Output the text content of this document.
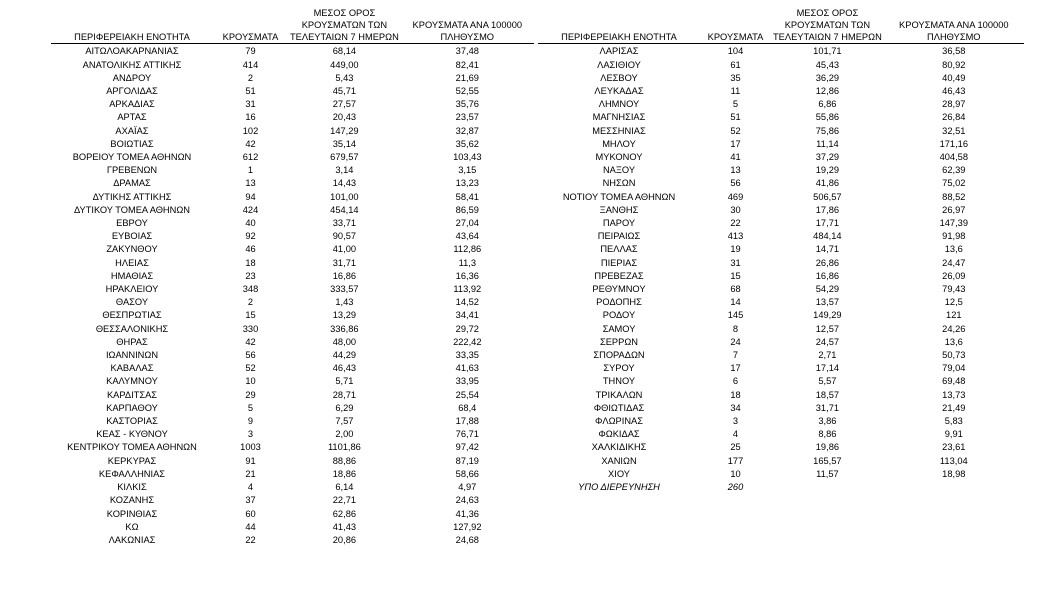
ΠΕΡΙΦΕΡΕΙΑΚΗ ΕΝΟΤΗΤΑ	ΚΡΟΥΣΜΑΤΑ	ΜΕΣΟΣ ΟΡΟΣ
ΚΡΟΥΣΜΑΤΩΝ ΤΩΝ
ΤΕΛΕΥΤΑΙΩΝ 7 ΗΜΕΡΩΝ	ΚΡΟΥΣΜΑΤΑ ΑΝΑ 100000
ΠΛΗΘΥΣΜΟ

ΑΙΤΩΛΟΑΚΑΡΝΑΝΙΑΣ	79	68,14	37,48
ΑΝΑΤΟΛΙΚΗΣ ΑΤΤΙΚΗΣ	414	449,00	82,41
ΑΝΔΡΟΥ	2	5,43	21,69
ΑΡΓΟΛΙΔΑΣ	51	45,71	52,55
ΑΡΚΑΔΙΑΣ	31	27,57	35,76
ΑΡΤΑΣ	16	20,43	23,57
ΑΧΑΪΑΣ	102	147,29	32,87
ΒΟΙΩΤΙΑΣ	42	35,14	35,62
ΒΟΡΕΙΟΥ ΤΟΜΕΑ ΑΘΗΝΩΝ	612	679,57	103,43
ΓΡΕΒΕΝΩΝ	1	3,14	3,15
ΔΡΑΜΑΣ	13	14,43	13,23
ΔΥΤΙΚΗΣ ΑΤΤΙΚΗΣ	94	101,00	58,41
ΔΥΤΙΚΟΥ ΤΟΜΕΑ ΑΘΗΝΩΝ	424	454,14	86,59
ΕΒΡΟΥ	40	33,71	27,04
ΕΥΒΟΙΑΣ	92	90,57	43,64
ΖΑΚΥΝΘΟΥ	46	41,00	112,86
ΗΛΕΙΑΣ	18	31,71	11,3
ΗΜΑΘΙΑΣ	23	16,86	16,36
ΗΡΑΚΛΕΙΟΥ	348	333,57	113,92
ΘΑΣΟΥ	2	1,43	14,52
ΘΕΣΠΡΩΤΙΑΣ	15	13,29	34,41
ΘΕΣΣΑΛΟΝΙΚΗΣ	330	336,86	29,72
ΘΗΡΑΣ	42	48,00	222,42
ΙΩΑΝΝΙΝΩΝ	56	44,29	33,35
ΚΑΒΑΛΑΣ	52	46,43	41,63
ΚΑΛΥΜΝΟΥ	10	5,71	33,95
ΚΑΡΔΙΤΣΑΣ	29	28,71	25,54
ΚΑΡΠΑΘΟΥ	5	6,29	68,4
ΚΑΣΤΟΡΙΑΣ	9	7,57	17,88
ΚΕΑΣ - ΚΥΘΝΟΥ	3	2,00	76,71
ΚΕΝΤΡΙΚΟΥ ΤΟΜΕΑ ΑΘΗΝΩΝ	1003	1101,86	97,42
ΚΕΡΚΥΡΑΣ	91	88,86	87,19
ΚΕΦΑΛΛΗΝΙΑΣ	21	18,86	58,66
ΚΙΛΚΙΣ	4	6,14	4,97
ΚΟΖΑΝΗΣ	37	22,71	24,63
ΚΟΡΙΝΘΙΑΣ	60	62,86	41,36
ΚΩ	44	41,43	127,92
ΛΑΚΩΝΙΑΣ	22	20,86	24,68
ΠΕΡΙΦΕΡΕΙΑΚΗ ΕΝΟΤΗΤΑ	ΚΡΟΥΣΜΑΤΑ	ΜΕΣΟΣ ΟΡΟΣ
ΚΡΟΥΣΜΑΤΩΝ ΤΩΝ
ΤΕΛΕΥΤΑΙΩΝ 7 ΗΜΕΡΩΝ	ΚΡΟΥΣΜΑΤΑ ΑΝΑ 100000
ΠΛΗΘΥΣΜΟ

ΛΑΡΙΣΑΣ	104	101,71	36,58
ΛΑΣΙΘΙΟΥ	61	45,43	80,92
ΛΕΣΒΟΥ	35	36,29	40,49
ΛΕΥΚΑΔΑΣ	11	12,86	46,43
ΛΗΜΝΟΥ	5	6,86	28,97
ΜΑΓΝΗΣΙΑΣ	51	55,86	26,84
ΜΕΣΣΗΝΙΑΣ	52	75,86	32,51
ΜΗΛΟΥ	17	11,14	171,16
ΜΥΚΟΝΟΥ	41	37,29	404,58
ΝΑΞΟΥ	13	19,29	62,39
ΝΗΣΩΝ	56	41,86	75,02
ΝΟΤΙΟΥ ΤΟΜΕΑ ΑΘΗΝΩΝ	469	506,57	88,52
ΞΑΝΘΗΣ	30	17,86	26,97
ΠΑΡΟΥ	22	17,71	147,39
ΠΕΙΡΑΙΩΣ	413	484,14	91,98
ΠΕΛΛΑΣ	19	14,71	13,6
ΠΙΕΡΙΑΣ	31	26,86	24,47
ΠΡΕΒΕΖΑΣ	15	16,86	26,09
ΡΕΘΥΜΝΟΥ	68	54,29	79,43
ΡΟΔΟΠΗΣ	14	13,57	12,5
ΡΟΔΟΥ	145	149,29	121
ΣΑΜΟΥ	8	12,57	24,26
ΣΕΡΡΩΝ	24	24,57	13,6
ΣΠΟΡΑΔΩΝ	7	2,71	50,73
ΣΥΡΟΥ	17	17,14	79,04
ΤΗΝΟΥ	6	5,57	69,48
ΤΡΙΚΑΛΩΝ	18	18,57	13,73
ΦΘΙΩΤΙΔΑΣ	34	31,71	21,49
ΦΛΩΡΙΝΑΣ	3	3,86	5,83
ΦΩΚΙΔΑΣ	4	8,86	9,91
ΧΑΛΚΙΔΙΚΗΣ	25	19,86	23,61
ΧΑΝΙΩΝ	177	165,57	113,04
ΧΙΟΥ	10	11,57	18,98
ΥΠΟ ΔΙΕΡΕΥΝΗΣΗ	260		
